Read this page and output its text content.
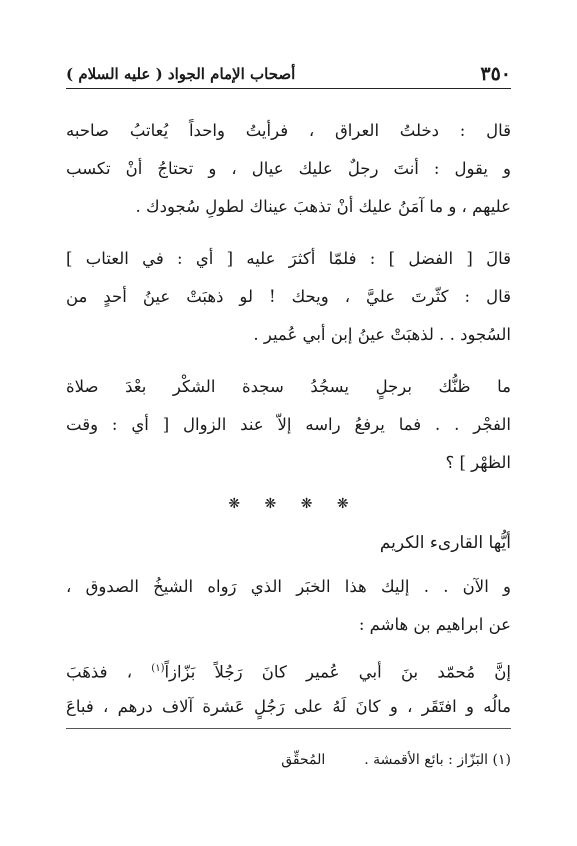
٣٥٠
أصحاب الإمام الجواد ( عليه السلام )

قال : دخلتُ العراق ، فرأيتُ واحداً يُعاتبُ صاحبه

و يقول : أنتَ رجلٌ عليك عيال ، و تحتاجُ أنْ تكسب

عليهم ، و ما آمَنُ عليك أنْ تذهبَ عيناك لطولِ سُجودك .

قالَ [ الفضل ] : فلمّا أكثرَ عليه [ أي : في العتاب ]

قال : كثّرتَ عليَّ ، ويحك ! لو ذهبَتْ عينُ أحدٍ من

السُجود . . لذهبَتْ عينُ إبن أبي عُمير .

ما ظنُّك برجلٍ يسجُدُ سجدة الشكْر بعْدَ صلاة

الفجْر . . فما يرفعُ راسه إلاّ عند الزوال [ أي : وقت

الظهْر ] ؟

❋ ❋ ❋ ❋

أيُّها القارىء الكريم

و الآن . . إليك هذا الخبَر الذي رَواه الشيخُ الصدوق ،

عن ابراهيم بن هاشم :

إنَّ مُحمّد بنَ أبي عُمير كانَ رَجُلاً بَزّازاً$^{(١)}$ ، فذهَبَ

مالُه و افتَقَر ، و كانَ لَهُ على رَجُلٍ عَشرة آلاف درهم ، فباعَ

(١) البَزّاز : بائع الأقمشة .  المُحقِّق
